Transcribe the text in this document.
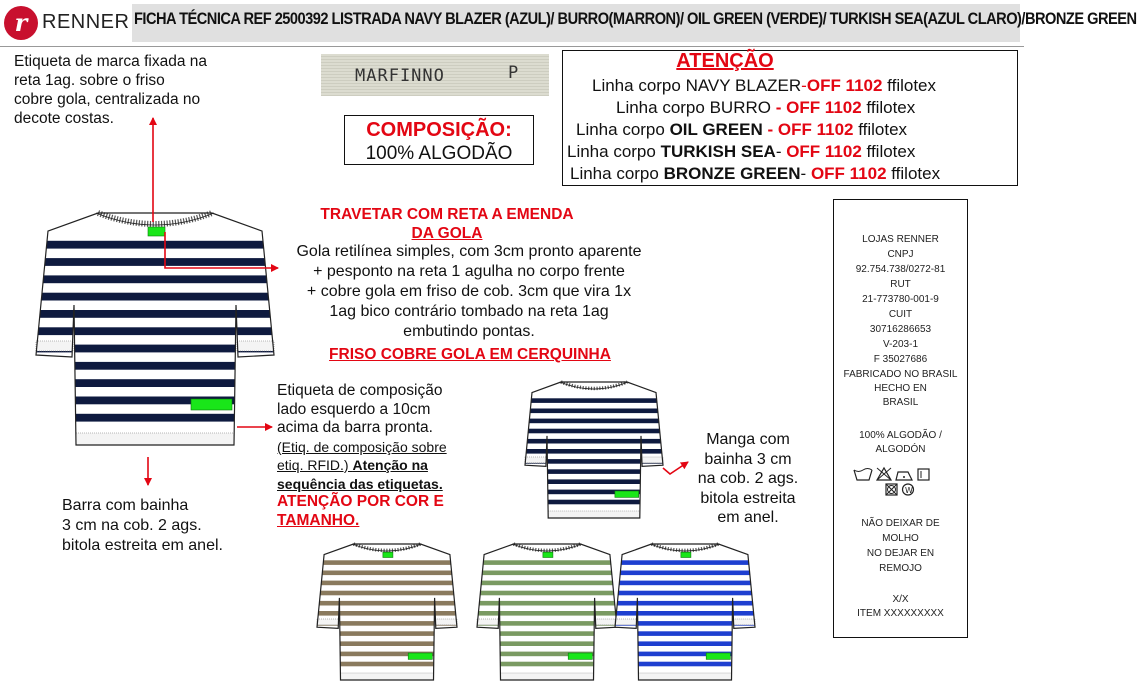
r RENNER FICHA TÉCNICA REF 2500392 LISTRADA NAVY BLAZER (AZUL)/ BURRO(MARRON)/ OIL GREEN (VERDE)/ TURKISH SEA(AZUL CLARO)/BRONZE GREEN
Etiqueta de marca fixada na
reta 1ag. sobre o friso
cobre gola, centralizada no
decote costas.
MARFINNO	P
COMPOSIÇÃO:
100% ALGODÃO
ATENÇÃO
Linha corpo NAVY BLAZER-OFF 1102 ffilotex
Linha corpo BURRO - OFF 1102 ffilotex
Linha corpo OIL GREEN - OFF 1102 ffilotex
Linha corpo TURKISH SEA- OFF 1102 ffilotex
Linha corpo BRONZE GREEN- OFF 1102 ffilotex
TRAVETAR COM RETA A EMENDA
DA GOLA
Gola retilínea simples, com 3cm pronto aparente
+ pesponto na reta 1 agulha no corpo frente
+ cobre gola em friso de cob. 3cm que vira 1x
1ag bico contrário tombado na reta 1ag
embutindo pontas.
FRISO COBRE GOLA EM CERQUINHA
Etiqueta de composição
lado esquerdo a 10cm
acima da barra pronta.
(Etiq. de composição sobre
etiq. RFID.) Atenção na
sequência das etiquetas.
ATENÇÃO POR COR E
TAMANHO.
Barra com bainha
3 cm na cob. 2 ags.
bitola estreita em anel.
Manga com
bainha 3 cm
na cob. 2 ags.
bitola estreita
em anel.
LOJAS RENNER
CNPJ
92.754.738/0272-81
RUT
21-773780-001-9
CUIT
30716286653
V-203-1
F 35027686
FABRICADO NO BRASIL
HECHO EN
BRASIL
100% ALGODÃO /
ALGODÓN
W
NÃO DEIXAR DE
MOLHO
NO DEJAR EN
REMOJO
X/X
ITEM XXXXXXXXX
